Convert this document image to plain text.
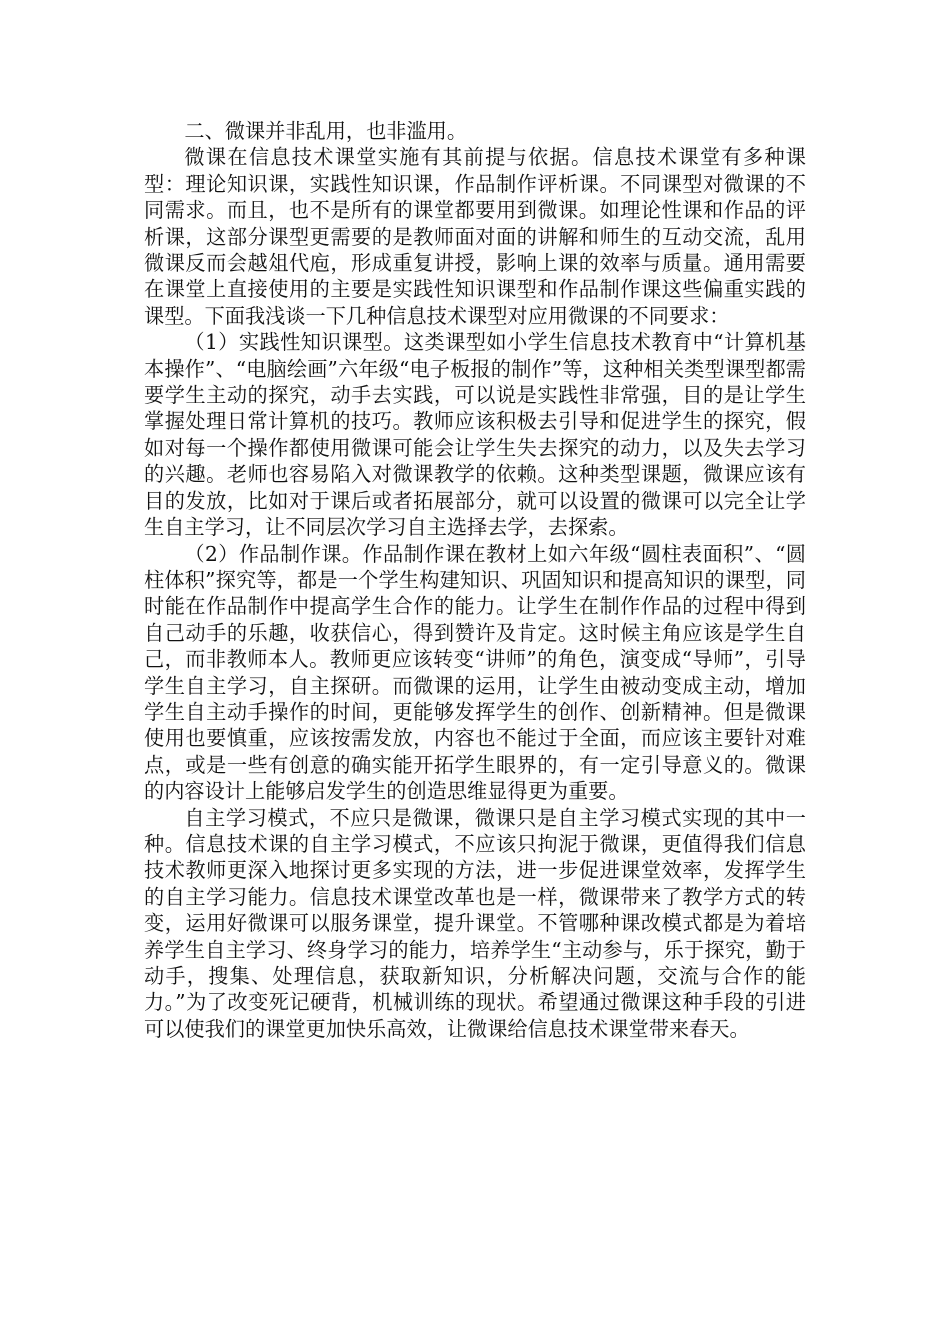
二、微课并非乱用，也非滥用。

微课在信息技术课堂实施有其前提与依据。信息技术课堂有多种课型：理论知识课，实践性知识课，作品制作评析课。不同课型对微课的不同需求。而且，也不是所有的课堂都要用到微课。如理论性课和作品的评析课，这部分课型更需要的是教师面对面的讲解和师生的互动交流，乱用微课反而会越俎代庖，形成重复讲授，影响上课的效率与质量。通用需要在课堂上直接使用的主要是实践性知识课型和作品制作课这些偏重实践的课型。下面我浅谈一下几种信息技术课型对应用微课的不同要求：

（1）实践性知识课型。这类课型如小学生信息技术教育中“计算机基本操作”、“电脑绘画”六年级“电子板报的制作”等，这种相关类型课型都需要学生主动的探究，动手去实践，可以说是实践性非常强，目的是让学生掌握处理日常计算机的技巧。教师应该积极去引导和促进学生的探究，假如对每一个操作都使用微课可能会让学生失去探究的动力，以及失去学习的兴趣。老师也容易陷入对微课教学的依赖。这种类型课题，微课应该有目的发放，比如对于课后或者拓展部分，就可以设置的微课可以完全让学生自主学习，让不同层次学习自主选择去学，去探索。

（2）作品制作课。作品制作课在教材上如六年级“圆柱表面积”、“圆柱体积”探究等，都是一个学生构建知识、巩固知识和提高知识的课型，同时能在作品制作中提高学生合作的能力。让学生在制作作品的过程中得到自己动手的乐趣，收获信心，得到赞许及肯定。这时候主角应该是学生自己，而非教师本人。教师更应该转变“讲师”的角色，演变成“导师”，引导学生自主学习，自主探研。而微课的运用，让学生由被动变成主动，增加学生自主动手操作的时间，更能够发挥学生的创作、创新精神。但是微课使用也要慎重，应该按需发放，内容也不能过于全面，而应该主要针对难点，或是一些有创意的确实能开拓学生眼界的，有一定引导意义的。微课的内容设计上能够启发学生的创造思维显得更为重要。

自主学习模式，不应只是微课，微课只是自主学习模式实现的其中一种。信息技术课的自主学习模式，不应该只拘泥于微课，更值得我们信息技术教师更深入地探讨更多实现的方法，进一步促进课堂效率，发挥学生的自主学习能力。信息技术课堂改革也是一样，微课带来了教学方式的转变，运用好微课可以服务课堂，提升课堂。不管哪种课改模式都是为着培养学生自主学习、终身学习的能力，培养学生“主动参与，乐于探究，勤于动手，搜集、处理信息，获取新知识，分析解决问题，交流与合作的能力。”为了改变死记硬背，机械训练的现状。希望通过微课这种手段的引进可以使我们的课堂更加快乐高效，让微课给信息技术课堂带来春天。
